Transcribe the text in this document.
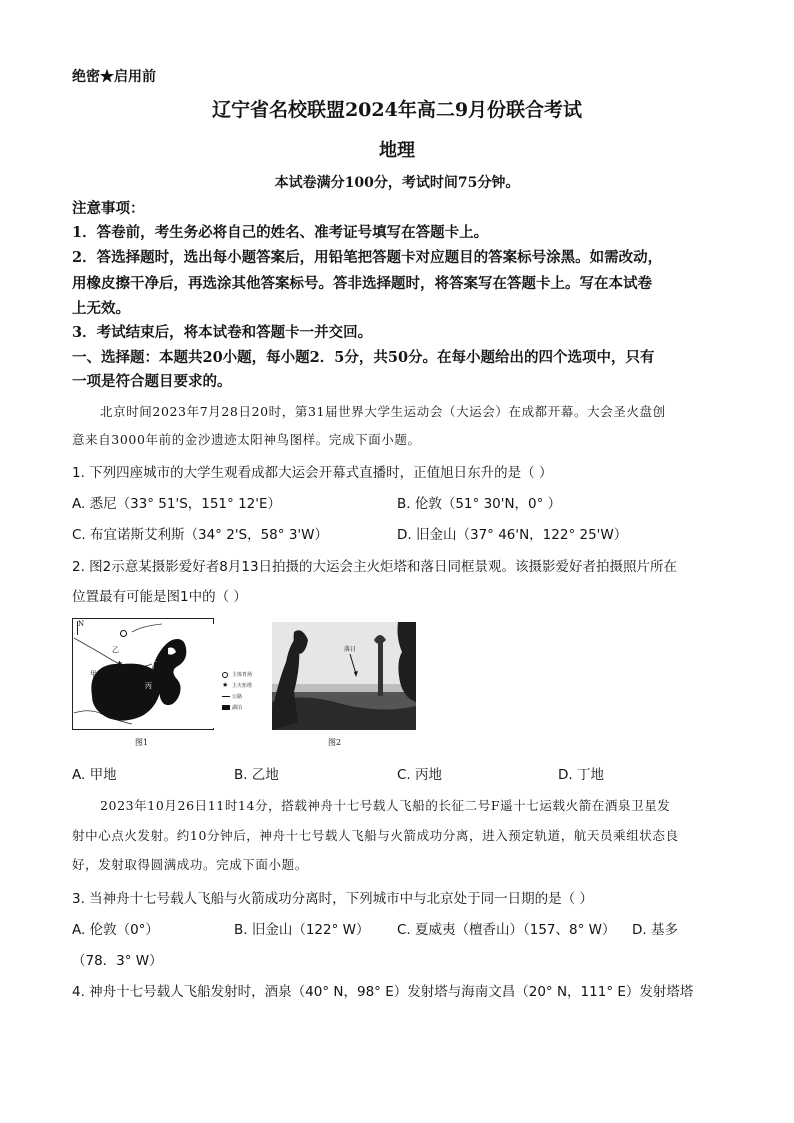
绝密★启用前
辽宁省名校联盟2024年高二9月份联合考试
地理
本试卷满分100分，考试时间75分钟。
注意事项：
1．答卷前，考生务必将自己的姓名、准考证号填写在答题卡上。
2．答选择题时，选出每小题答案后，用铅笔把答题卡对应题目的答案标号涂黑。如需改动，
用橡皮擦干净后，再选涂其他答案标号。答非选择题时，将答案写在答题卡上。写在本试卷
上无效。
3．考试结束后，将本试卷和答题卡一并交回。
一、选择题：本题共20小题，每小题2．5分，共50分。在每小题给出的四个选项中，只有
一项是符合题目要求的。
北京时间2023年7月28日20时，第31届世界大学生运动会（大运会）在成都开幕。大会圣火盘创
意来自3000年前的金沙遗迹太阳神鸟图样。完成下面小题。
1. 下列四座城市的大学生观看成都大运会开幕式直播时，正值旭日东升的是（ ）
A. 悉尼（33° 51'S，151° 12'E）	B. 伦敦（51° 30'N，0° ）
C. 布宜诺斯艾利斯（34° 2'S，58° 3'W）	D. 旧金山（37° 46'N，122° 25'W）
2. 图2示意某摄影爱好者8月13日拍摄的大运会主火炬塔和落日同框景观。该摄影爱好者拍摄照片所在
位置最有可能是图1中的（ ）
N
乙
★
甲
丁
丙
主体育场
★ 主火炬塔
公路
湖泊
图1
落日
图2
A. 甲地	B. 乙地	C. 丙地	D. 丁地
2023年10月26日11时14分，搭载神舟十七号载人飞船的长征二号F遥十七运载火箭在酒泉卫星发
射中心点火发射。约10分钟后，神舟十七号载人飞船与火箭成功分离，进入预定轨道，航天员乘组状态良
好，发射取得圆满成功。完成下面小题。
3. 当神舟十七号载人飞船与火箭成功分离时，下列城市中与北京处于同一日期的是（ ）
A. 伦敦（0°）	B. 旧金山（122° W） C. 夏威夷（檀香山）（157、8° W） D. 基多
（78．3° W）
4. 神舟十七号载人飞船发射时，酒泉（40° N，98° E）发射塔与海南文昌（20° N，111° E）发射塔塔
